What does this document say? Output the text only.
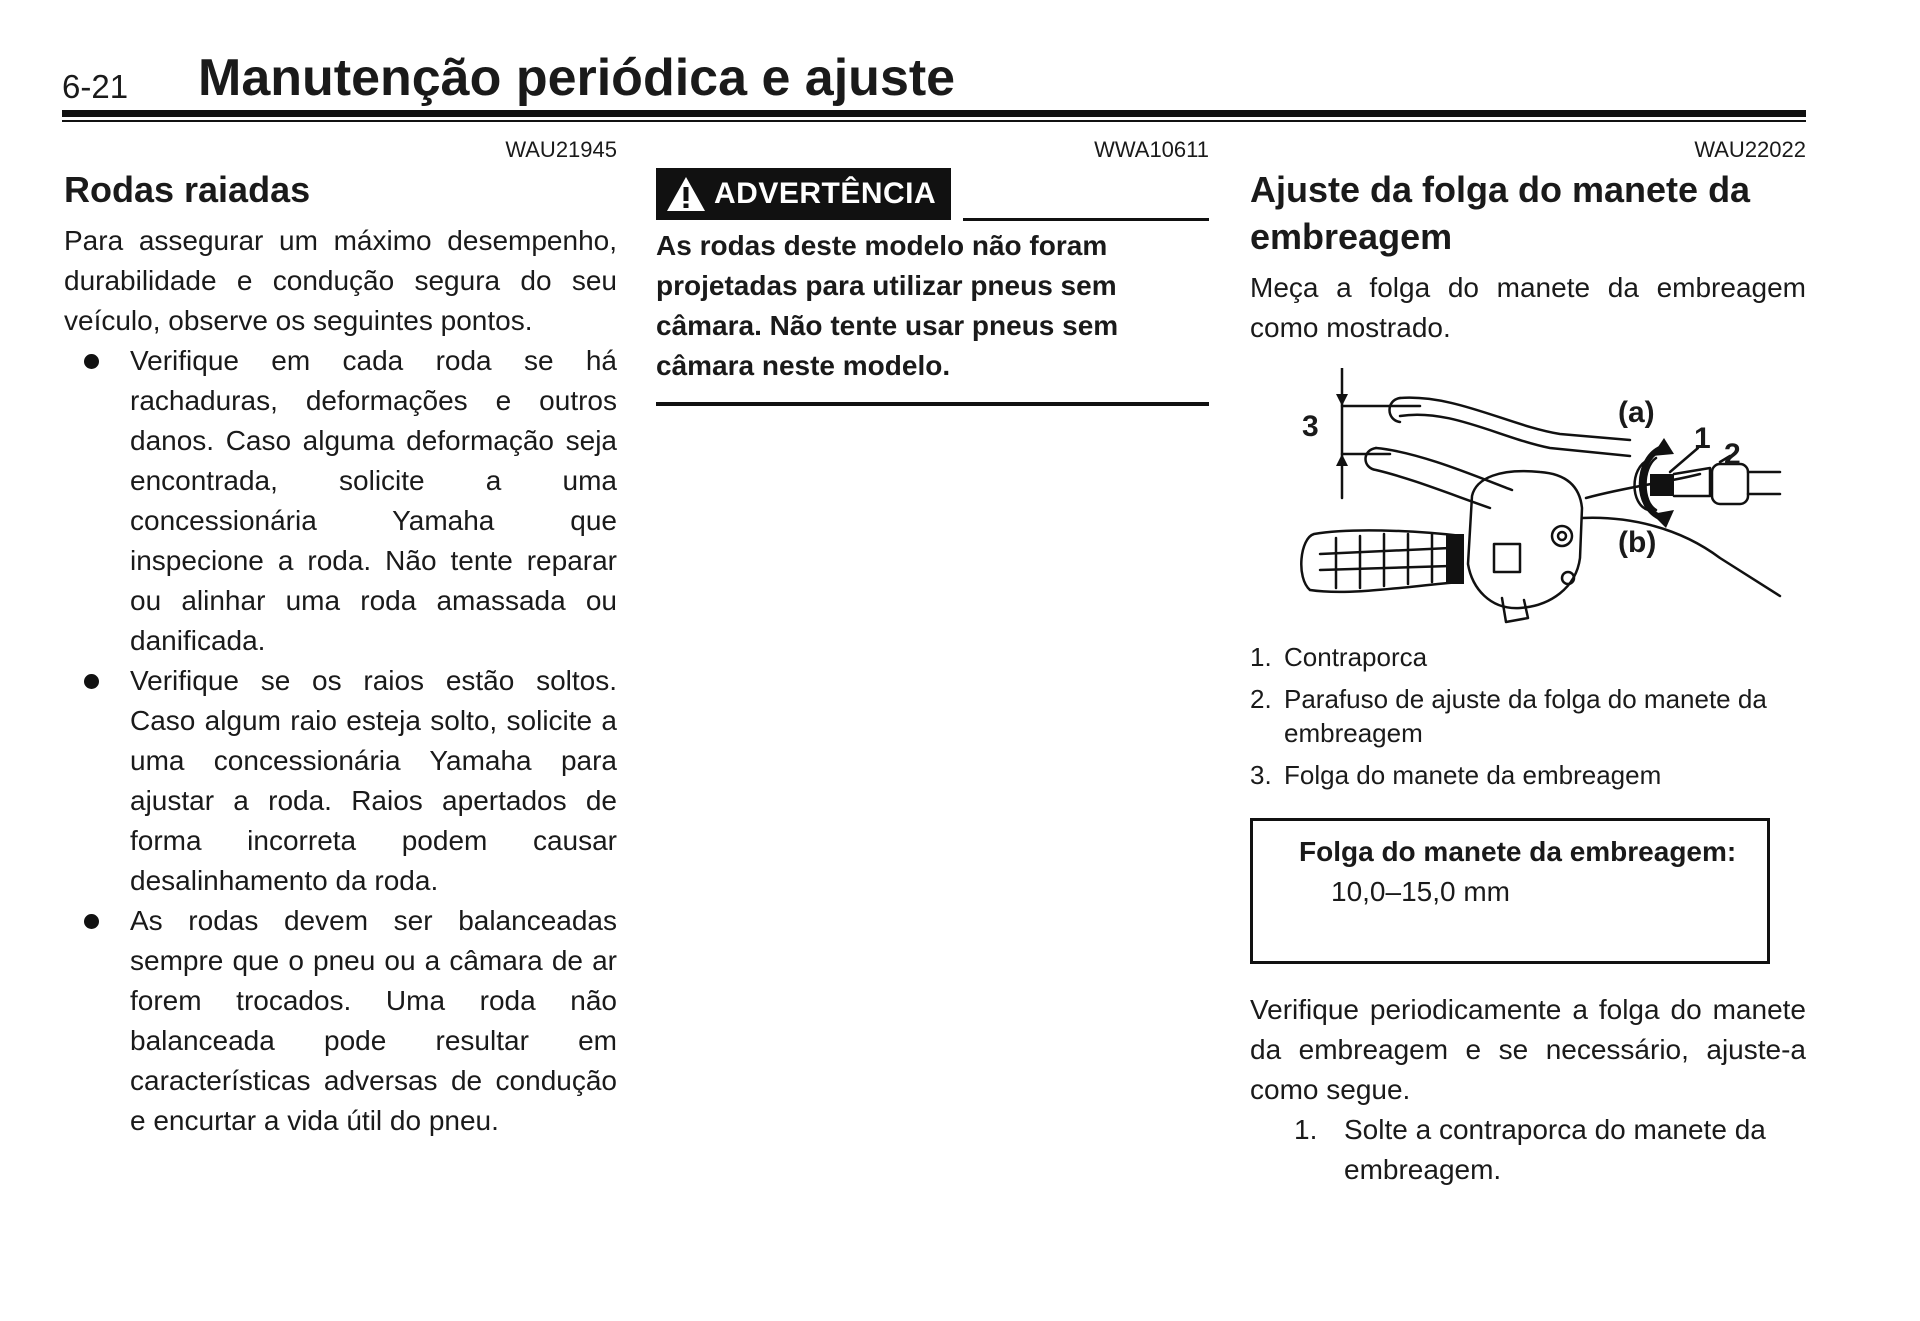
6-21 Manutenção periódica e ajuste
WAU21945
Rodas raiadas

Para assegurar um máximo desempenho, durabilidade e condução segura do seu veículo, observe os seguintes pontos.

Verifique em cada roda se há rachaduras, deformações e outros danos. Caso alguma deformação seja encontrada, solicite a uma concessionária Yamaha que inspecione a roda. Não tente reparar ou alinhar uma roda amassada ou danificada.
Verifique se os raios estão soltos. Caso algum raio esteja solto, solicite a uma concessionária Yamaha para ajustar a roda. Raios apertados de forma incorreta podem causar desalinhamento da roda.
As rodas devem ser balanceadas sempre que o pneu ou a câmara de ar forem trocados. Uma roda não balanceada pode resultar em características adversas de condução e encurtar a vida útil do pneu.
WWA10611
ADVERTÊNCIA

As rodas deste modelo não foram projetadas para utilizar pneus sem câmara. Não tente usar pneus sem câmara neste modelo.

WAU22022
Ajuste da folga do manete da embreagem

Meça a folga do manete da embreagem como mostrado.

3	(a)
1 2
(b)
1. Contraporca
2. Parafuso de ajuste da folga do manete da embreagem
3. Folga do manete da embreagem
Folga do manete da embreagem:
10,0–15,0 mm

Verifique periodicamente a folga do manete da embreagem e se necessário, ajuste-a como segue.

1. Solte a contraporca do manete da embreagem.
